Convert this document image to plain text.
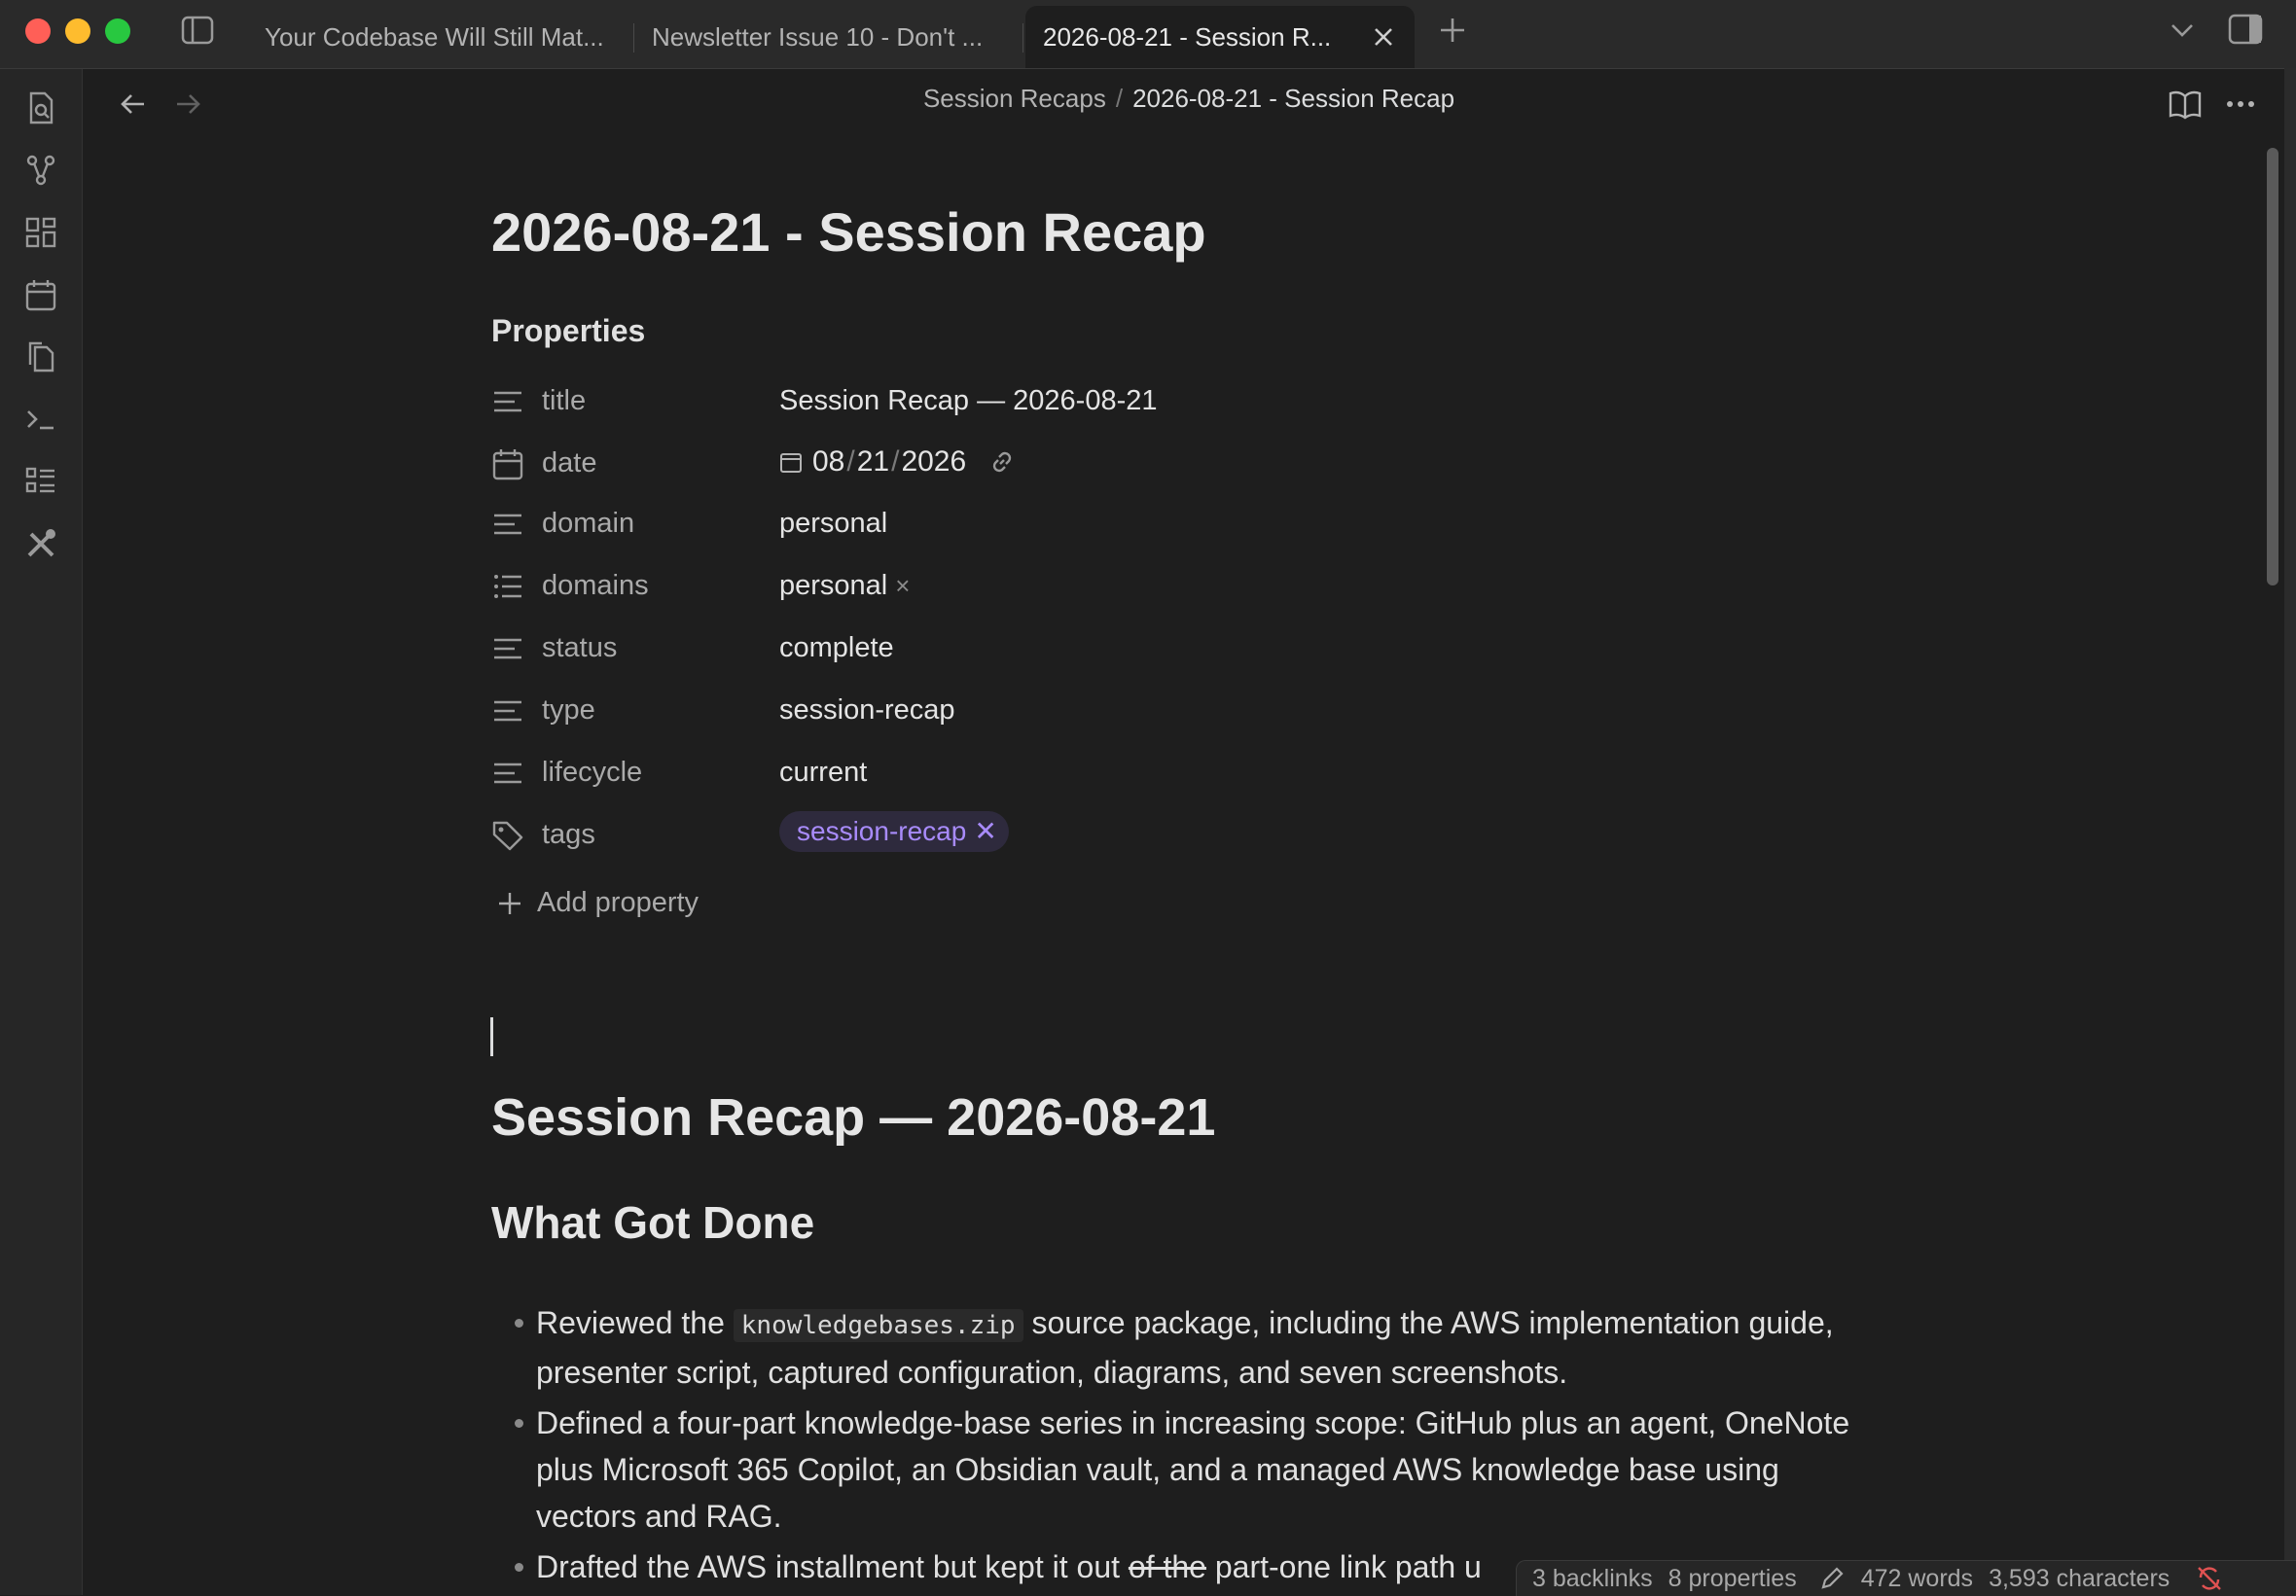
Your Codebase Will Still Mat... Newsletter Issue 10 - Don't ... 2026-08-21 - Session R...
Session Recaps / 2026-08-21 - Session Recap
2026-08-21 - Session Recap
Properties
title	Session Recap — 2026-08-21
date	08 / 21 / 2026
domain	personal
domains	personal ×
status	complete
type	session-recap
lifecycle	current
tags	session-recap ✕
Add property
Session Recap — 2026-08-21
What Got Done
Reviewed the knowledgebases.zip source package, including the AWS implementation guide, presenter script, captured configuration, diagrams, and seven screenshots.
Defined a four-part knowledge-base series in increasing scope: GitHub plus an agent, OneNote plus Microsoft 365 Copilot, an Obsidian vault, and a managed AWS knowledge base using vectors and RAG.
Drafted the AWS installment but kept it out of the part-one link path u	3 backlinks 8 properties	472 words 3,593 characters
